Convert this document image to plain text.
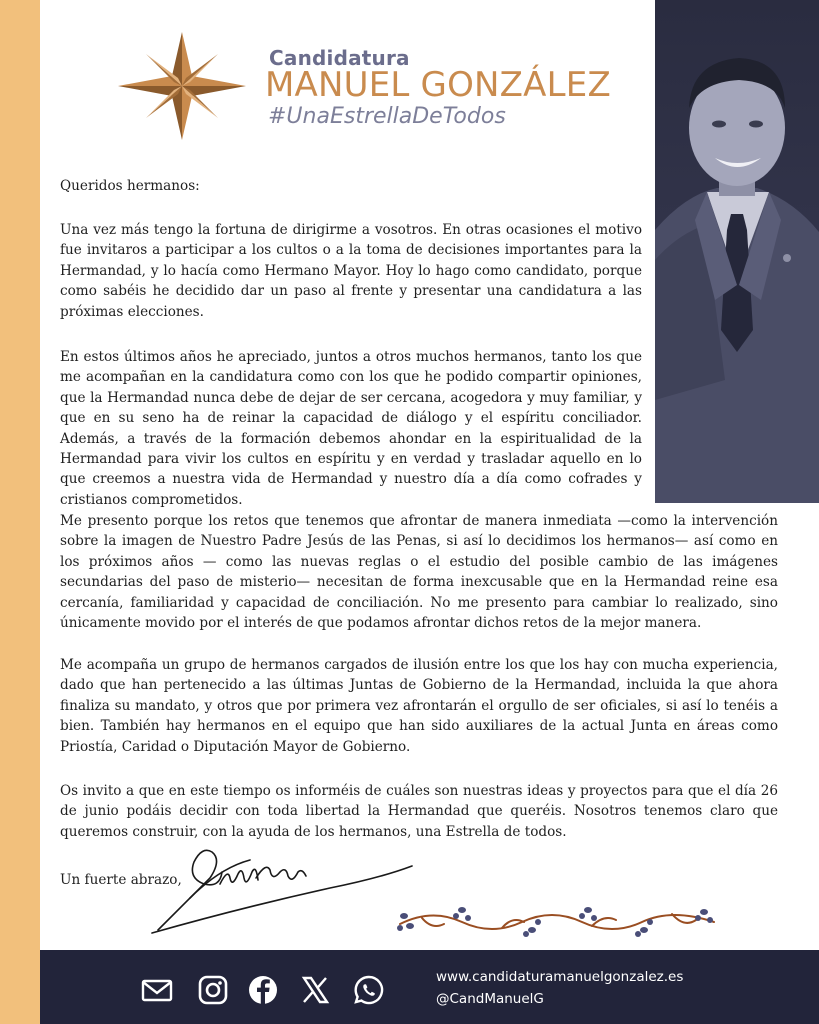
Candidatura
MANUEL GONZÁLEZ
#UnaEstrellaDeTodos

Queridos hermanos:

Una vez más tengo la fortuna de dirigirme a vosotros. En otras ocasiones el motivo fue invitaros a participar a los cultos o a la toma de decisiones importantes para la Hermandad, y lo hacía como Hermano Mayor. Hoy lo hago como candidato, porque como sabéis he decidido dar un paso al frente y presentar una candidatura a las próximas elecciones.

En estos últimos años he apreciado, juntos a otros muchos hermanos, tanto los que me acompañan en la candidatura como con los que he podido compartir opiniones, que la Hermandad nunca debe de dejar de ser cercana, acogedora y muy familiar, y que en su seno ha de reinar la capacidad de diálogo y el espíritu conciliador. Además, a través de la formación debemos ahondar en la espiritualidad de la Hermandad para vivir los cultos en espíritu y en verdad y trasladar aquello en lo que creemos a nuestra vida de Hermandad y nuestro día a día como cofrades y cristianos comprometidos.

Me presento porque los retos que tenemos que afrontar de manera inmediata —como la intervención sobre la imagen de Nuestro Padre Jesús de las Penas, si así lo decidimos los hermanos— así como en los próximos años — como las nuevas reglas o el estudio del posible cambio de las imágenes secundarias del paso de misterio— necesitan de forma inexcusable que en la Hermandad reine esa cercanía, familiaridad y capacidad de conciliación. No me presento para cambiar lo realizado, sino únicamente movido por el interés de que podamos afrontar dichos retos de la mejor manera.

Me acompaña un grupo de hermanos cargados de ilusión entre los que los hay con mucha experiencia, dado que han pertenecido a las últimas Juntas de Gobierno de la Hermandad, incluida la que ahora finaliza su mandato, y otros que por primera vez afrontarán el orgullo de ser oficiales, si así lo tenéis a bien. También hay hermanos en el equipo que han sido auxiliares de la actual Junta en áreas como Priostía, Caridad o Diputación Mayor de Gobierno.

Os invito a que en este tiempo os informéis de cuáles son nuestras ideas y proyectos para que el día 26 de junio podáis decidir con toda libertad la Hermandad que queréis. Nosotros tenemos claro que queremos construir, con la ayuda de los hermanos, una Estrella de todos.

Un fuerte abrazo,

www.candidaturamanuelgonzalez.es
@CandManuelG
